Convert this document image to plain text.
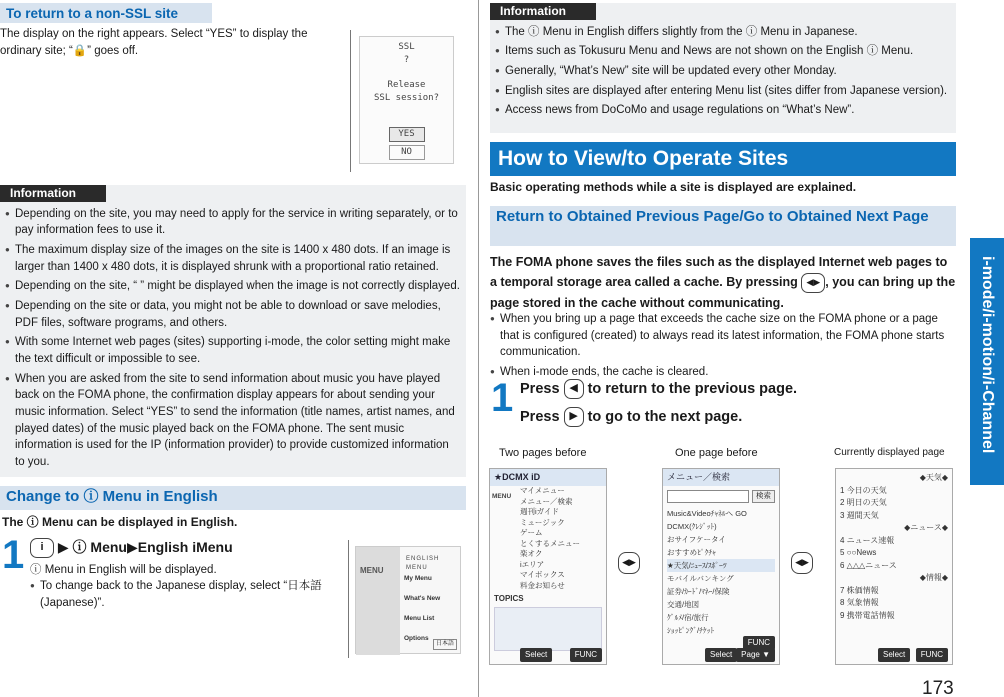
To return to a non-SSL site
The display on the right appears. Select “YES” to display the ordinary site; “🔒” goes off.	SSL
?
Release
SSL session?
YES
NO
Information
● Depending on the site, you may need to apply for the service in writing separately, or to pay information fees to use it.
● The maximum display size of the images on the site is 1400 x 480 dots. If an image is larger than 1400 x 480 dots, it is displayed shrunk with a proportional ratio retained.
● Depending on the site, “ ” might be displayed when the image is not correctly displayed.
● Depending on the site or data, you might not be able to download or save melodies, PDF files, software programs, and others.
● With some Internet web pages (sites) supporting i-mode, the color setting might make the text difficult or impossible to see.
● When you are asked from the site to send information about music you have played back on the FOMA phone, the confirmation display appears for about sending your music information. Select “YES” to send the information (title names, artist names, and played dates) of the music played back on the FOMA phone. The sent music information is used for the IP (information provider) to provide customized information to you.
Change to ⓘ Menu in English
The ⓘ Menu can be displayed in English.
1	i ▶ ⓘ Menu▶English iMenu
ⓘ Menu in English will be displayed.
● To change back to the Japanese display, select “日本語 (Japanese)”.
MENU
ENGLISH MENU
My Menu
What's New
Menu List
Options
日本語
Information
● The ⓘ Menu in English differs slightly from the ⓘ Menu in Japanese.
● Items such as Tokusuru Menu and News are not shown on the English ⓘ Menu.
● Generally, “What’s New” site will be updated every other Monday.
● English sites are displayed after entering Menu list (sites differ from Japanese version).
● Access news from DoCoMo and usage regulations on “What’s New”.
How to View/to Operate Sites
Basic operating methods while a site is displayed are explained.
Return to Obtained Previous Page/Go to Obtained Next Page
The FOMA phone saves the files such as the displayed Internet web pages to a temporal storage area called a cache. By pressing ◀▶ , you can bring up the page stored in the cache without communicating.
● When you bring up a page that exceeds the cache size on the FOMA phone or a page that is configured (created) to always read its latest information, the FOMA phone starts communication.
● When i-mode ends, the cache is cleared.
1 Press ◀ to return to the previous page.
Press ▶ to go to the next page.
Two pages before	One page before	Currently displayed page
★DCMX iD
MENU
マイメニュー
メニュー／検索
週刊iガイド
ミュージック
ゲーム
とくするメニュー
楽オク
iエリア
マイボックス
料金お知らせ
TOPICS
Select	FUNC
◀▶
メニュー／検索
検索
Music&Videoﾁｬﾈﾙへ GO
DCMX(ｸﾚｼﾞｯﾄ)
おサイフケータイ
おすすめﾋﾟｸﾁｬ
★天気/ﾆｭｰｽ/ｽﾎﾟｰﾂ
モバイルバンキング
証券/ｶｰﾄﾞ/ﾏﾈｰ/保険
交通/地図
ｸﾞﾙﾒ/宿/旅行
ｼｮｯﾋﾟﾝｸﾞ/ﾁｹｯﾄ
Select
FUNC
Page ▼
◀▶
◆天気◆
1 今日の天気
2 明日の天気
3 週間天気
◆ニュース◆
4 ニュース速報
5 ○○News
6 △△△ニュース
◆情報◆
7 株価情報
8 気象情報
9 携帯電話情報
Select	FUNC
i-mode/i-motion/i-Channel
173
